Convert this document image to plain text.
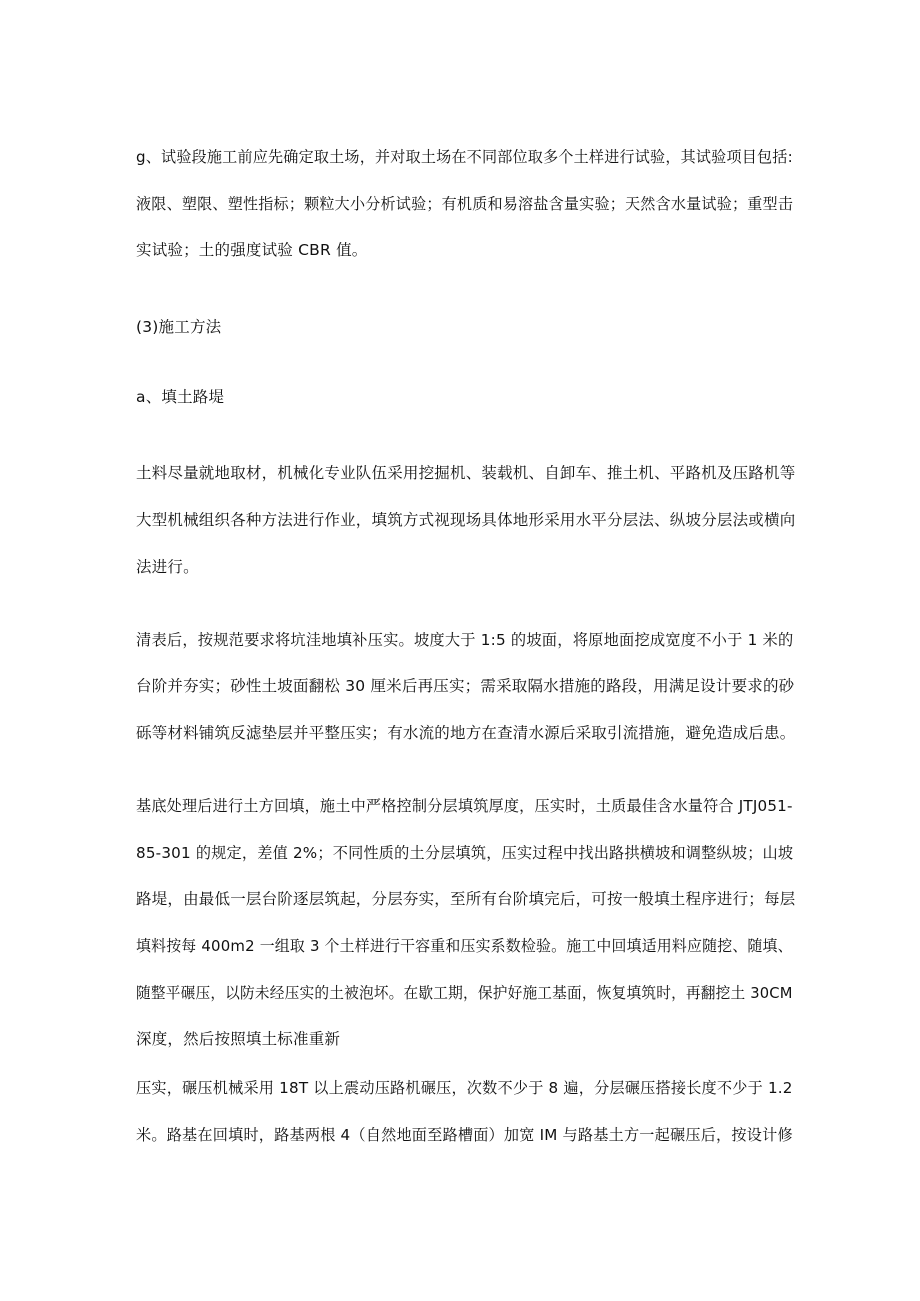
g、试验段施工前应先确定取土场，并对取土场在不同部位取多个土样进行试验，其试验项目包括:

液限、塑限、塑性指标；颗粒大小分析试验；有机质和易溶盐含量实验；天然含水量试验；重型击

实试验；土的强度试验 CBR 值。

(3)施工方法

a、填土路堤

土料尽量就地取材，机械化专业队伍采用挖掘机、装载机、自卸车、推土机、平路机及压路机等

大型机械组织各种方法进行作业，填筑方式视现场具体地形采用水平分层法、纵坡分层法或横向

法进行。

清表后，按规范要求将坑洼地填补压实。坡度大于 1:5 的坡面，将原地面挖成宽度不小于 1 米的

台阶并夯实；砂性土坡面翻松 30 厘米后再压实；需采取隔水措施的路段，用满足设计要求的砂

砾等材料铺筑反滤垫层并平整压实；有水流的地方在查清水源后采取引流措施，避免造成后患。

基底处理后进行土方回填，施土中严格控制分层填筑厚度，压实时，土质最佳含水量符合 JTJ051-

85-301 的规定，差值 2%；不同性质的土分层填筑，压实过程中找出路拱横坡和调整纵坡；山坡

路堤，由最低一层台阶逐层筑起，分层夯实，至所有台阶填完后，可按一般填土程序进行；每层

填料按每 400m2 一组取 3 个土样进行干容重和压实系数检验。施工中回填适用料应随挖、随填、

随整平碾压，以防未经压实的土被泡坏。在歇工期，保护好施工基面，恢复填筑时，再翻挖土 30CM

深度，然后按照填土标准重新

压实，碾压机械采用 18T 以上震动压路机碾压，次数不少于 8 遍，分层碾压搭接长度不少于 1.2

米。路基在回填时，路基两根 4（自然地面至路槽面）加宽 IM 与路基土方一起碾压后，按设计修
